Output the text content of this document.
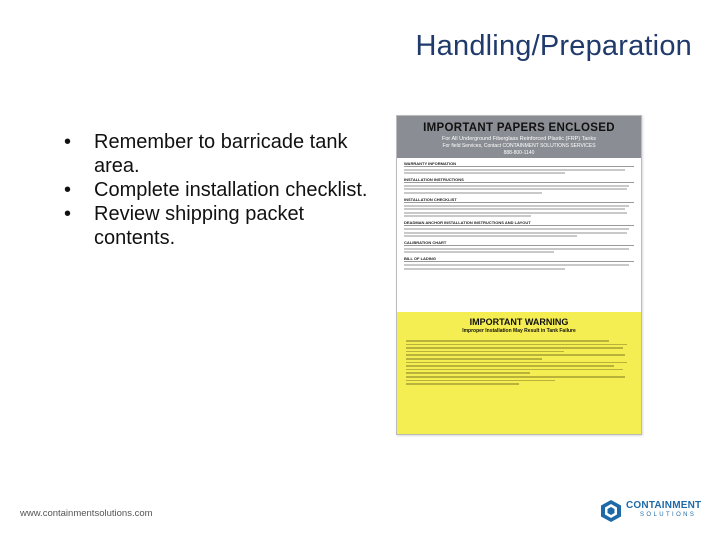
Handling/Preparation
• Remember to barricade tank area.
• Complete installation checklist.
• Review shipping packet contents.
IMPORTANT PAPERS ENCLOSED
For All Underground Fiberglass Reinforced Plastic (FRP) Tanks
For field Services, Contact CONTAINMENT SOLUTIONS SERVICES
888-800-1140
WARRANTY INFORMATION
INSTALLATION INSTRUCTIONS
INSTALLATION CHECKLIST
DEADMAN ANCHOR INSTALLATION INSTRUCTIONS AND LAYOUT
CALIBRATION CHART
BILL OF LADING
IMPORTANT WARNING
Improper Installation May Result in Tank Failure
www.containmentsolutions.com
CONTAINMENT
SOLUTIONS
